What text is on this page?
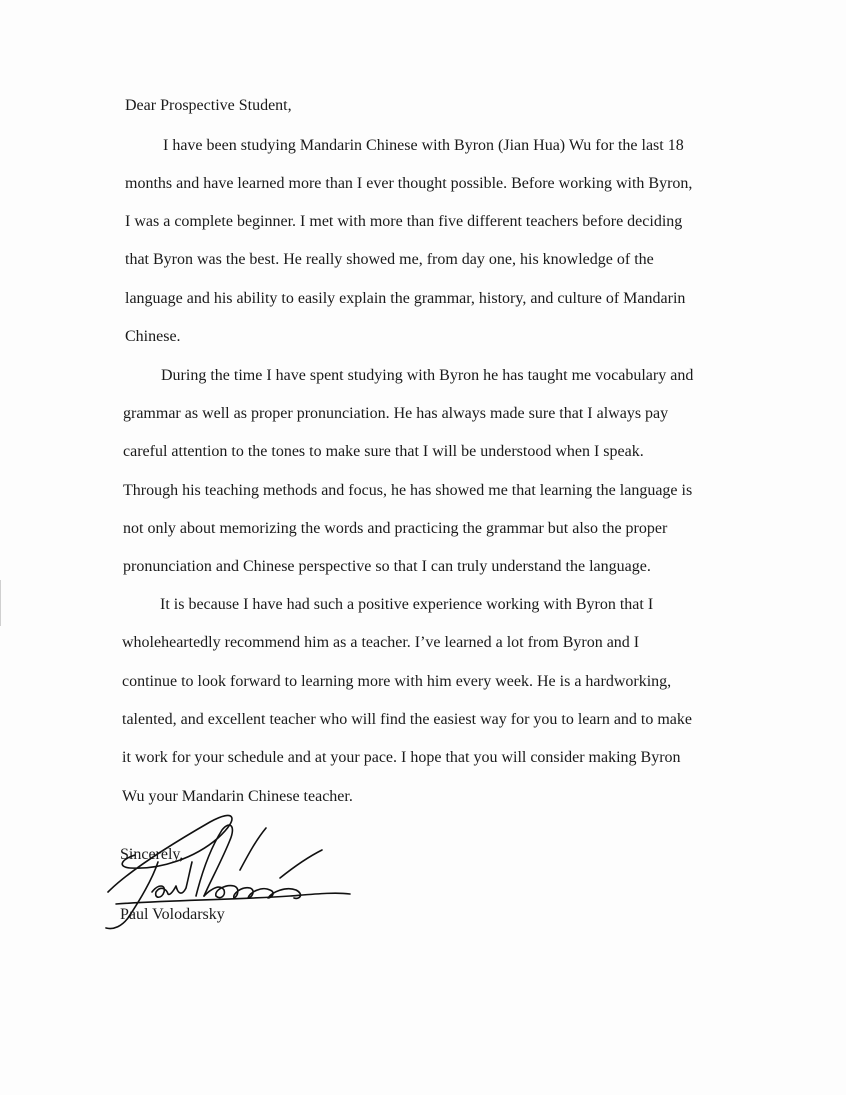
Dear Prospective Student,
I have been studying Mandarin Chinese with Byron (Jian Hua) Wu for the last 18
months and have learned more than I ever thought possible. Before working with Byron,
I was a complete beginner. I met with more than five different teachers before deciding
that Byron was the best. He really showed me, from day one, his knowledge of the
language and his ability to easily explain the grammar, history, and culture of Mandarin
Chinese.
During the time I have spent studying with Byron he has taught me vocabulary and
grammar as well as proper pronunciation. He has always made sure that I always pay
careful attention to the tones to make sure that I will be understood when I speak.
Through his teaching methods and focus, he has showed me that learning the language is
not only about memorizing the words and practicing the grammar but also the proper
pronunciation and Chinese perspective so that I can truly understand the language.
It is because I have had such a positive experience working with Byron that I
wholeheartedly recommend him as a teacher. I’ve learned a lot from Byron and I
continue to look forward to learning more with him every week. He is a hardworking,
talented, and excellent teacher who will find the easiest way for you to learn and to make
it work for your schedule and at your pace. I hope that you will consider making Byron
Wu your Mandarin Chinese teacher.
Sincerely,
Paul Volodarsky
